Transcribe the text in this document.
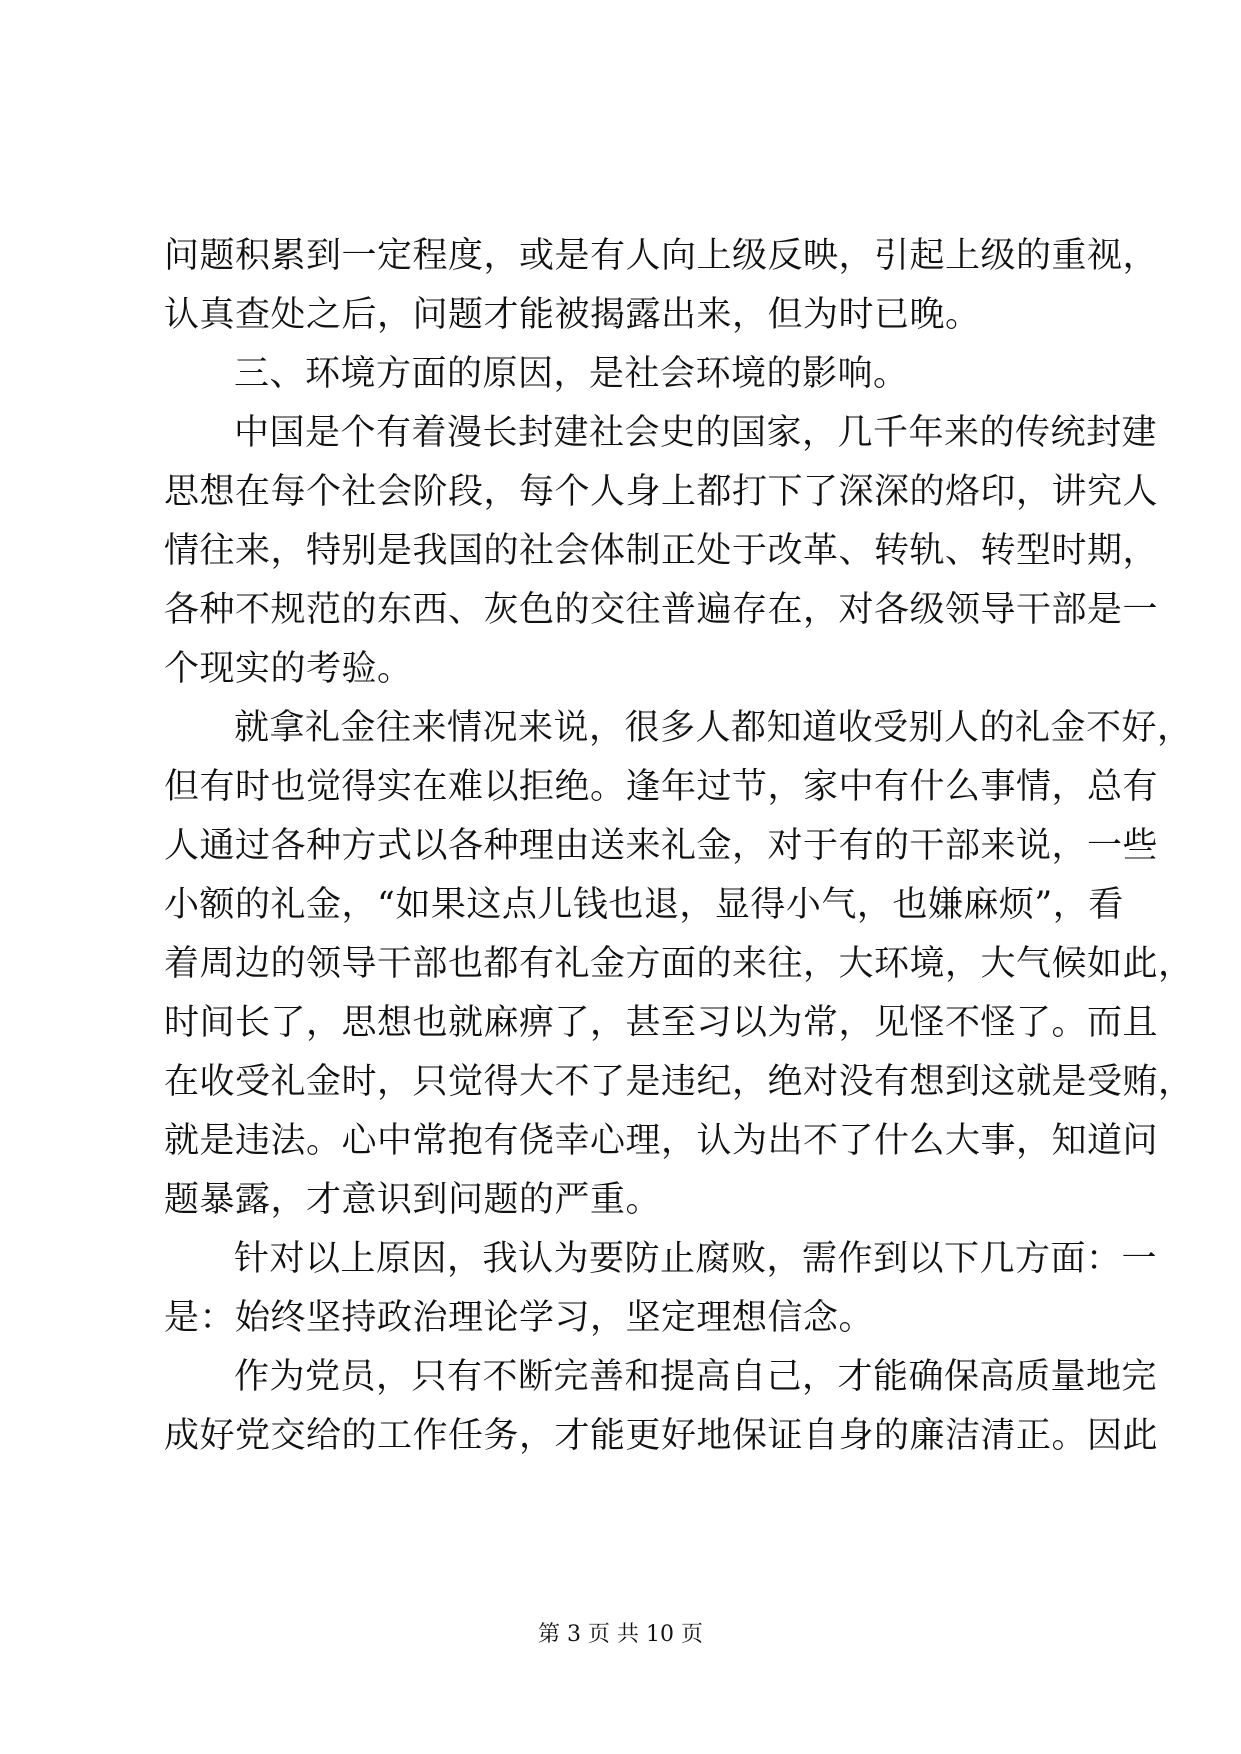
问题积累到一定程度，或是有人向上级反映，引起上级的重视，
认真查处之后，问题才能被揭露出来，但为时已晚。
三、环境方面的原因，是社会环境的影响。
中国是个有着漫长封建社会史的国家，几千年来的传统封建
思想在每个社会阶段，每个人身上都打下了深深的烙印，讲究人
情往来，特别是我国的社会体制正处于改革、转轨、转型时期，
各种不规范的东西、灰色的交往普遍存在，对各级领导干部是一
个现实的考验。
就拿礼金往来情况来说，很多人都知道收受别人的礼金不好，
但有时也觉得实在难以拒绝。逢年过节，家中有什么事情，总有
人通过各种方式以各种理由送来礼金，对于有的干部来说，一些
小额的礼金，“如果这点儿钱也退，显得小气，也嫌麻烦”，看
着周边的领导干部也都有礼金方面的来往，大环境，大气候如此，
时间长了，思想也就麻痹了，甚至习以为常，见怪不怪了。而且
在收受礼金时，只觉得大不了是违纪，绝对没有想到这就是受贿，
就是违法。心中常抱有侥幸心理，认为出不了什么大事，知道问
题暴露，才意识到问题的严重。
针对以上原因，我认为要防止腐败，需作到以下几方面：一
是：始终坚持政治理论学习，坚定理想信念。
作为党员，只有不断完善和提高自己，才能确保高质量地完
成好党交给的工作任务，才能更好地保证自身的廉洁清正。因此
第 3 页 共 10 页
